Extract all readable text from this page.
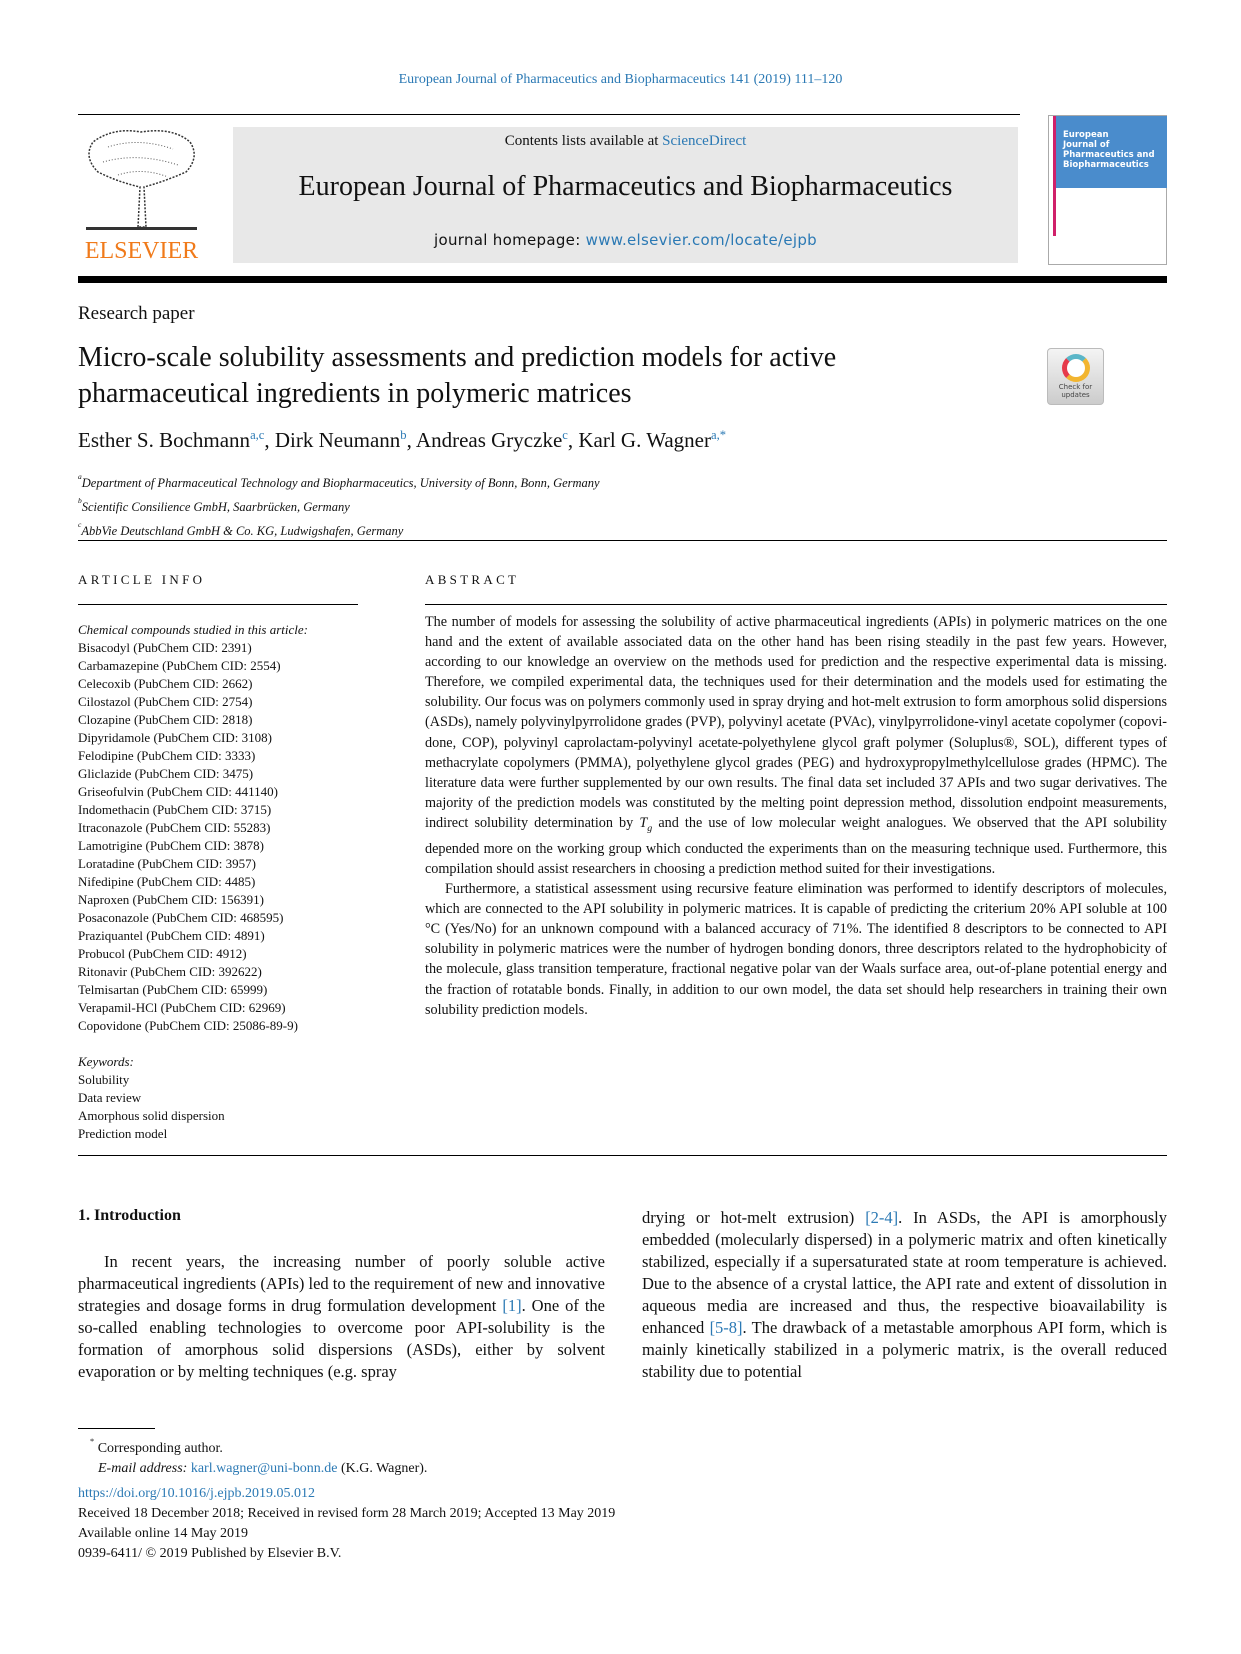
European Journal of Pharmaceutics and Biopharmaceutics 141 (2019) 111–120
ELSEVIER
Contents lists available at ScienceDirect
European Journal of Pharmaceutics and Biopharmaceutics
journal homepage: www.elsevier.com/locate/ejpb
European
Journal of
Pharmaceutics and
Biopharmaceutics
Research paper
Micro-scale solubility assessments and prediction models for active
pharmaceutical ingredients in polymeric matrices	Check for updates
Esther S. Bochmann$^{a,c}$, Dirk Neumann$^b$, Andreas Gryczke$^c$, Karl G. Wagner$^{a,*}$
$^a$Department of Pharmaceutical Technology and Biopharmaceutics, University of Bonn, Bonn, Germany
$^b$Scientific Consilience GmbH, Saarbrücken, Germany
$^c$AbbVie Deutschland GmbH & Co. KG, Ludwigshafen, Germany
ARTICLE INFO	ABSTRACT
Chemical compounds studied in this article:
Bisacodyl (PubChem CID: 2391)
Carbamazepine (PubChem CID: 2554)
Celecoxib (PubChem CID: 2662)
Cilostazol (PubChem CID: 2754)
Clozapine (PubChem CID: 2818)
Dipyridamole (PubChem CID: 3108)
Felodipine (PubChem CID: 3333)
Gliclazide (PubChem CID: 3475)
Griseofulvin (PubChem CID: 441140)
Indomethacin (PubChem CID: 3715)
Itraconazole (PubChem CID: 55283)
Lamotrigine (PubChem CID: 3878)
Loratadine (PubChem CID: 3957)
Nifedipine (PubChem CID: 4485)
Naproxen (PubChem CID: 156391)
Posaconazole (PubChem CID: 468595)
Praziquantel (PubChem CID: 4891)
Probucol (PubChem CID: 4912)
Ritonavir (PubChem CID: 392622)
Telmisartan (PubChem CID: 65999)
Verapamil-HCl (PubChem CID: 62969)
Copovidone (PubChem CID: 25086-89-9)
Keywords:
Solubility
Data review
Amorphous solid dispersion
Prediction model

The number of models for assessing the solubility of active pharmaceutical ingredients (APIs) in polymeric matrices on the one hand and the extent of available associated data on the other hand has been rising steadily in the past few years. However, according to our knowledge an overview on the methods used for prediction and the respective experimental data is missing. Therefore, we compiled experimental data, the techniques used for their determination and the models used for estimating the solubility. Our focus was on polymers commonly used in spray drying and hot-melt extrusion to form amorphous solid dispersions (ASDs), namely polyvinylpyrrolidone grades (PVP), polyvinyl acetate (PVAc), vinylpyrrolidone-vinyl acetate copolymer (copovidone, COP), polyvinyl caprolactam-polyvinyl acetate-polyethylene glycol graft polymer (Soluplus®, SOL), different types of methacrylate copolymers (PMMA), polyethylene glycol grades (PEG) and hydroxypropylmethylcellulose grades (HPMC). The literature data were further supplemented by our own results. The final data set included 37 APIs and two sugar derivatives. The majority of the prediction models was constituted by the melting point depression method, dissolution endpoint measurements, indirect solubility determination by $T_g$ and the use of low molecular weight analogues. We observed that the API solubility depended more on the working group which conducted the experiments than on the measuring technique used. Furthermore, this compilation should assist researchers in choosing a prediction method suited for their investigations.

Furthermore, a statistical assessment using recursive feature elimination was performed to identify descriptors of molecules, which are connected to the API solubility in polymeric matrices. It is capable of predicting the criterium 20% API soluble at 100 °C (Yes/No) for an unknown compound with a balanced accuracy of 71%. The identified 8 descriptors to be connected to API solubility in polymeric matrices were the number of hydrogen bonding donors, three descriptors related to the hydrophobicity of the molecule, glass transition temperature, fractional negative polar van der Waals surface area, out-of-plane potential energy and the fraction of rotatable bonds. Finally, in addition to our own model, the data set should help researchers in training their own solubility prediction models.

1. Introduction
In recent years, the increasing number of poorly soluble active pharmaceutical ingredients (APIs) led to the requirement of new and innovative strategies and dosage forms in drug formulation development [1]. One of the so-called enabling technologies to overcome poor API-solubility is the formation of amorphous solid dispersions (ASDs), either by solvent evaporation or by melting techniques (e.g. spray
drying or hot-melt extrusion) [2-4]. In ASDs, the API is amorphously embedded (molecularly dispersed) in a polymeric matrix and often kinetically stabilized, especially if a supersaturated state at room temperature is achieved. Due to the absence of a crystal lattice, the API rate and extent of dissolution in aqueous media are increased and thus, the respective bioavailability is enhanced [5-8]. The drawback of a metastable amorphous API form, which is mainly kinetically stabilized in a polymeric matrix, is the overall reduced stability due to potential
* Corresponding author.
E-mail address: karl.wagner@uni-bonn.de (K.G. Wagner).
https://doi.org/10.1016/j.ejpb.2019.05.012
Received 18 December 2018; Received in revised form 28 March 2019; Accepted 13 May 2019
Available online 14 May 2019
0939-6411/ © 2019 Published by Elsevier B.V.
